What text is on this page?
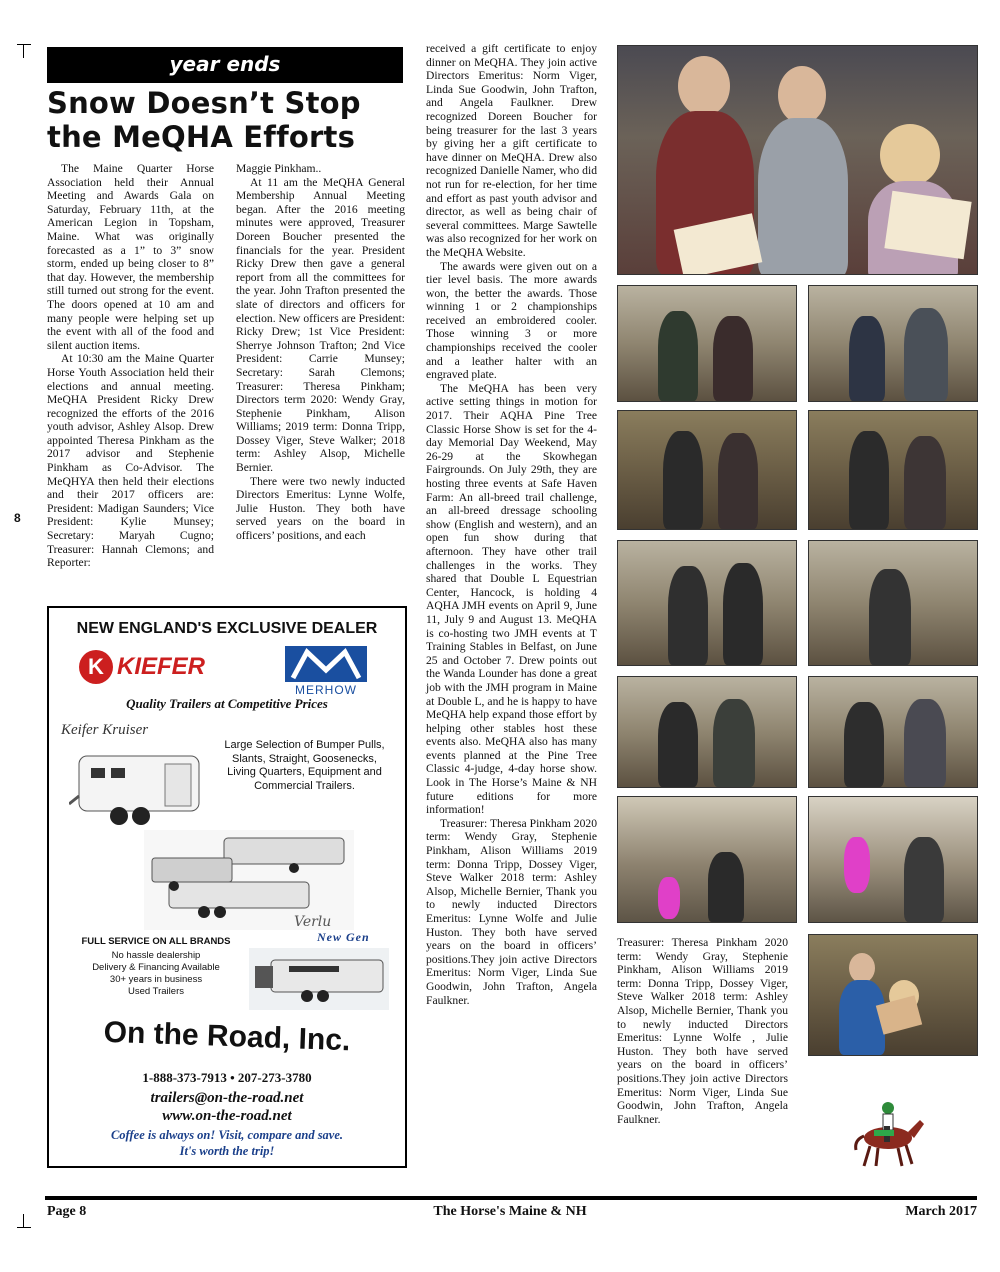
8
year ends
Snow Doesn’t Stop the MeQHA Efforts

The Maine Quarter Horse Association held their Annual Meeting and Awards Gala on Saturday, February 11th, at the American Legion in Topsham, Maine. What was originally forecasted as a 1” to 3” snow storm, ended up being closer to 8” that day. However, the membership still turned out strong for the event. The doors opened at 10 am and many people were helping set up the event with all of the food and silent auction items.

At 10:30 am the Maine Quarter Horse Youth Association held their elections and annual meeting. MeQHA President Ricky Drew recognized the efforts of the 2016 youth advisor, Ashley Alsop. Drew appointed Theresa Pinkham as the 2017 advisor and Stephenie Pinkham as Co-Advisor. The MeQHYA then held their elections and their 2017 officers are: President: Madigan Saunders; Vice President: Kylie Munsey; Secretary: Maryah Cugno; Treasurer: Hannah Clemons; and Reporter:

Maggie Pinkham..

At 11 am the MeQHA General Membership Annual Meeting began. After the 2016 meeting minutes were approved, Treasurer Doreen Boucher presented the financials for the year. President Ricky Drew then gave a general report from all the committees for the year. John Trafton presented the slate of directors and officers for election. New officers are President: Ricky Drew; 1st Vice President: Sherrye Johnson Trafton; 2nd Vice President: Carrie Munsey; Secretary: Sarah Clemons; Treasurer: Theresa Pinkham; Directors term 2020: Wendy Gray, Stephenie Pinkham, Alison Williams; 2019 term: Donna Tripp, Dossey Viger, Steve Walker; 2018 term: Ashley Alsop, Michelle Bernier.

There were two newly inducted Directors Emeritus: Lynne Wolfe, Julie Huston. They both have served years on the board in officers’ positions, and each

received a gift certificate to enjoy dinner on MeQHA. They join active Directors Emeritus: Norm Viger, Linda Sue Goodwin, John Trafton, and Angela Faulkner. Drew recognized Doreen Boucher for being treasurer for the last 3 years by giving her a gift certificate to have dinner on MeQHA. Drew also recognized Danielle Namer, who did not run for re-election, for her time and effort as past youth advisor and director, as well as being chair of several committees. Marge Sawtelle was also recognized for her work on the MeQHA Website.

The awards were given out on a tier level basis. The more awards won, the better the awards. Those winning 1 or 2 championships received an embroidered cooler. Those winning 3 or more championships received the cooler and a leather halter with an engraved plate.

The MeQHA has been very active setting things in motion for 2017. Their AQHA Pine Tree Classic Horse Show is set for the 4-day Memorial Day Weekend, May 26-29 at the Skowhegan Fairgrounds. On July 29th, they are hosting three events at Safe Haven Farm: An all-breed trail challenge, an all-breed dressage schooling show (English and western), and an open fun show during that afternoon. They have other trail challenges in the works. They shared that Double L Equestrian Center, Hancock, is holding 4 AQHA JMH events on April 9, June 11, July 9 and August 13. MeQHA is co-hosting two JMH events at T Training Stables in Belfast, on June 25 and October 7. Drew points out the Wanda Lounder has done a great job with the JMH program in Maine at Double L, and he is happy to have MeQHA help expand those effort by helping other stables host these events also. MeQHA also has many events planned at the Pine Tree Classic 4-judge, 4-day horse show. Look in The Horse’s Maine & NH future editions for more information!

Treasurer: Theresa Pinkham 2020 term: Wendy Gray, Stephenie Pinkham, Alison Williams 2019 term: Donna Tripp, Dossey Viger, Steve Walker 2018 term: Ashley Alsop, Michelle Bernier, Thank you to newly inducted Directors Emeritus: Lynne Wolfe and Julie Huston. They both have served years on the board in officers’ positions.They join active Directors Emeritus: Norm Viger, Linda Sue Goodwin, John Trafton, Angela Faulkner.

Treasurer: Theresa Pinkham 2020 term: Wendy Gray, Stephenie Pinkham, Alison Williams 2019 term: Donna Tripp, Dossey Viger, Steve Walker 2018 term: Ashley Alsop, Michelle Bernier, Thank you to newly inducted Directors Emeritus: Lynne Wolfe , Julie Huston. They both have served years on the board in officers’ positions.They join active Directors Emeritus: Norm Viger, Linda Sue Goodwin, John Trafton, Angela Faulkner.

NEW ENGLAND'S EXCLUSIVE DEALER
K KIEFER
MERHOW
Quality Trailers at Competitive Prices
Keifer Kruiser
Large Selection of Bumper Pulls, Slants, Straight, Goosenecks, Living Quarters, Equipment and Commercial Trailers.
Verlu
New Gen
FULL SERVICE ON ALL BRANDS
No hassle dealership
Delivery & Financing Available
30+ years in business
Used Trailers
On the Road, Inc.
1-888-373-7913 • 207-273-3780
trailers@on-the-road.net
www.on-the-road.net
Coffee is always on! Visit, compare and save.
It's worth the trip!
Page 8	The Horse's Maine & NH	March 2017
